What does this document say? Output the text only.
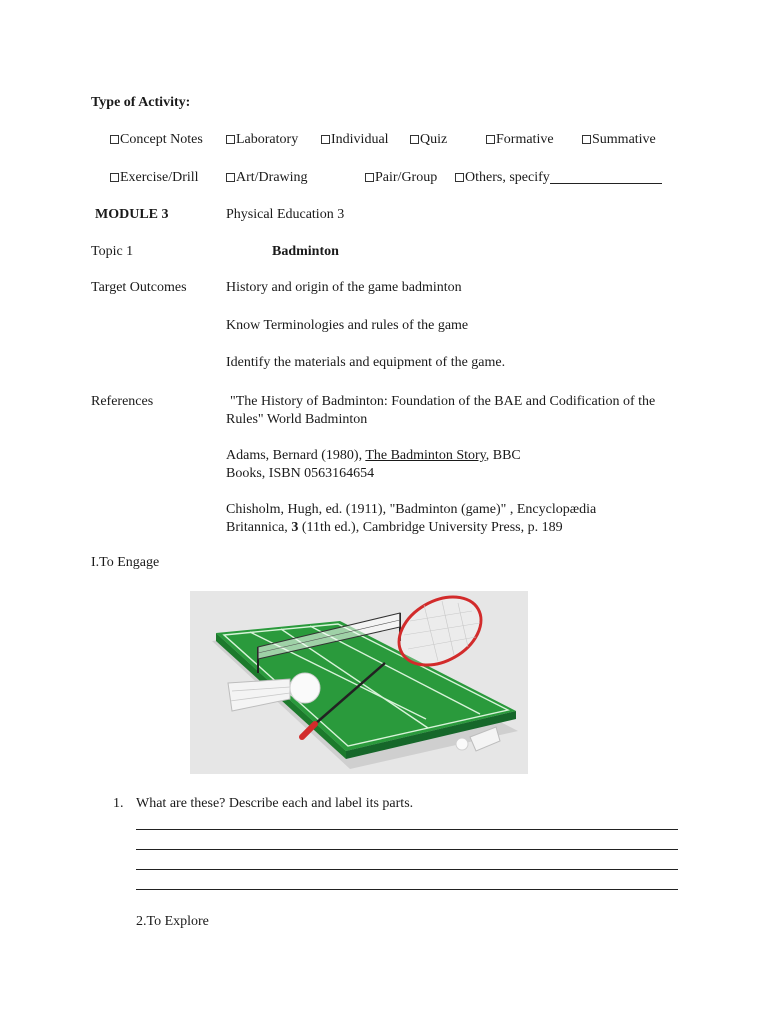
Type of Activity:
Concept Notes	Laboratory	Individual	Quiz	Formative	Summative
Exercise/Drill	Art/Drawing	Pair/Group	Others, specify
MODULE 3	Physical Education 3
Topic 1	Badminton
Target Outcomes	History and origin of the game badminton
Know Terminologies and rules of the game
Identify the materials and equipment of the game.
References	"The History of Badminton: Foundation of the BAE and Codification of the Rules" World Badminton
Adams, Bernard (1980), The Badminton Story, BBC Books, ISBN 0563164654
Chisholm, Hugh, ed. (1911), "Badminton (game)" , Encyclopædia Britannica, 3 (11th ed.), Cambridge University Press, p. 189
I.To Engage
1. What are these? Describe each and label its parts.
2.To Explore
